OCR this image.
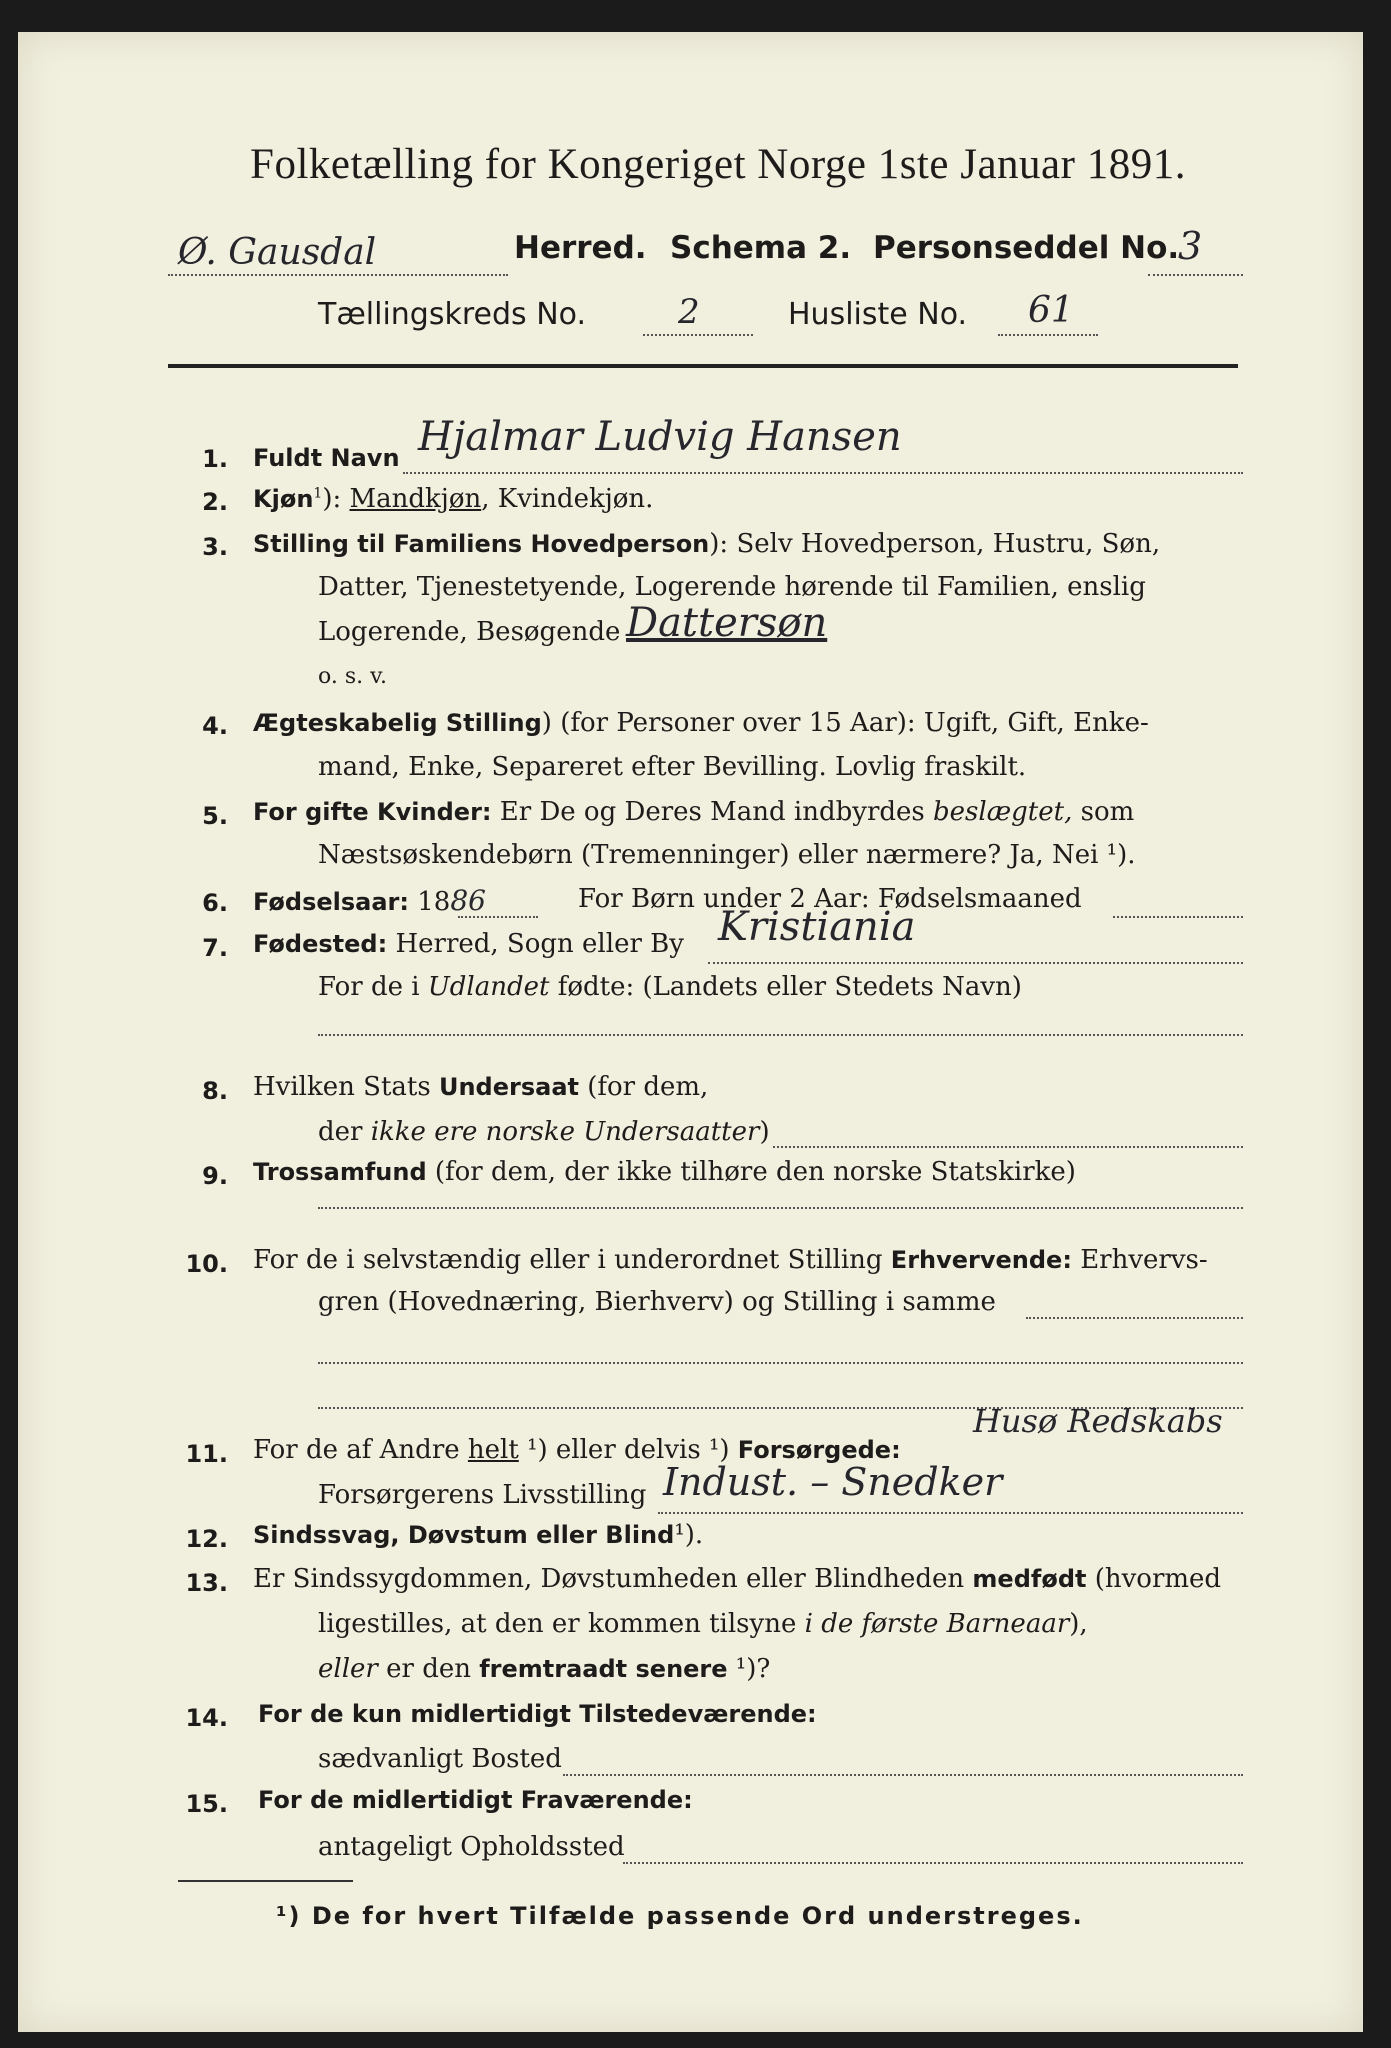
Folketælling for Kongeriget Norge 1ste Januar 1891.
Ø. Gausdal	Herred. Schema 2. Personseddel No.
3
Tællingskreds No.	2	Husliste No. 61
1. Fuldt Navn Hjalmar Ludvig Hansen
2. Kjøn$^1$): Mandkjøn, Kvindekjøn.
3. Stilling til Familiens Hovedperson): Selv Hovedperson, Hustru, Søn,
Datter, Tjenestetyende, Logerende hørende til Familien, enslig
Logerende, Besøgende Dattersøn
o. s. v.
4. Ægteskabelig Stilling) (for Personer over 15 Aar): Ugift, Gift, Enke-
mand, Enke, Separeret efter Bevilling. Lovlig fraskilt.
5. For gifte Kvinder: Er De og Deres Mand indbyrdes beslægtet, som
Næstsøskendebørn (Tremenninger) eller nærmere? Ja, Nei ¹).
6. Fødselsaar: 1886	For Børn under 2 Aar: Fødselsmaaned
7. Fødested: Herred, Sogn eller By Kristiania
For de i Udlandet fødte: (Landets eller Stedets Navn)
8. Hvilken Stats Undersaat (for dem,
der ikke ere norske Undersaatter)
9. Trossamfund (for dem, der ikke tilhøre den norske Statskirke)
10. For de i selvstændig eller i underordnet Stilling Erhvervende: Erhvervs-
gren (Hovednæring, Bierhverv) og Stilling i samme
11. For de af Andre helt ¹) eller delvis ¹) Forsørgede:
Husø Redskabs
Forsørgerens Livsstilling Indust. – Snedker
12. Sindssvag, Døvstum eller Blind¹).
13. Er Sindssygdommen, Døvstumheden eller Blindheden medfødt (hvormed
ligestilles, at den er kommen tilsyne i de første Barneaar),
eller er den fremtraadt senere ¹)?
14. For de kun midlertidigt Tilstedeværende:
sædvanligt Bosted
15. For de midlertidigt Fraværende:
antageligt Opholdssted
¹) De for hvert Tilfælde passende Ord understreges.
